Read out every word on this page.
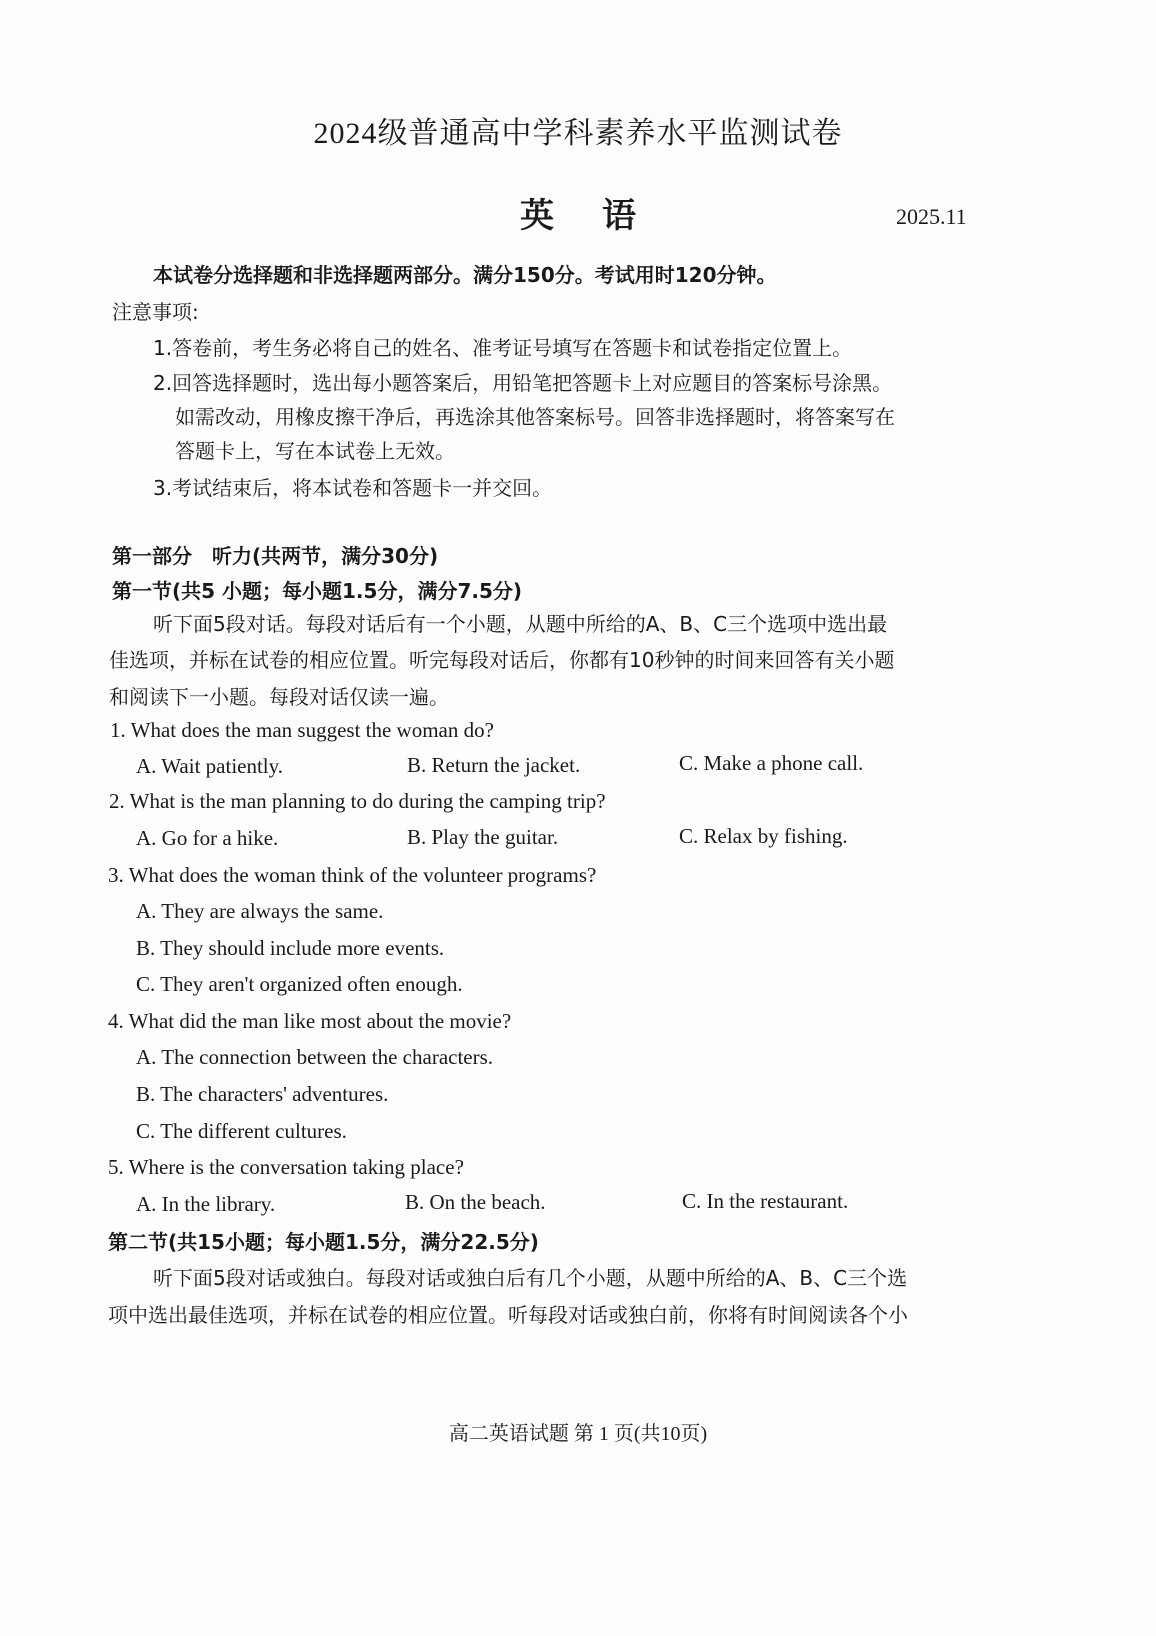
2024级普通高中学科素养水平监测试卷
英语	2025.11
本试卷分选择题和非选择题两部分。满分150分。考试用时120分钟。
注意事项:
1.答卷前，考生务必将自己的姓名、准考证号填写在答题卡和试卷指定位置上。
2.回答选择题时，选出每小题答案后，用铅笔把答题卡上对应题目的答案标号涂黑。
如需改动，用橡皮擦干净后，再选涂其他答案标号。回答非选择题时，将答案写在
答题卡上，写在本试卷上无效。
3.考试结束后，将本试卷和答题卡一并交回。
第一部分　听力(共两节，满分30分)
第一节(共5 小题；每小题1.5分，满分7.5分)
听下面5段对话。每段对话后有一个小题，从题中所给的A、B、C三个选项中选出最
佳选项，并标在试卷的相应位置。听完每段对话后，你都有10秒钟的时间来回答有关小题
和阅读下一小题。每段对话仅读一遍。
1. What does the man suggest the woman do?
A. Wait patiently.	B. Return the jacket.	C. Make a phone call.
2. What is the man planning to do during the camping trip?
A. Go for a hike.	B. Play the guitar.	C. Relax by fishing.
3. What does the woman think of the volunteer programs?
A. They are always the same.
B. They should include more events.
C. They aren't organized often enough.
4. What did the man like most about the movie?
A. The connection between the characters.
B. The characters' adventures.
C. The different cultures.
5. Where is the conversation taking place?
A. In the library.	B. On the beach.	C. In the restaurant.
第二节(共15小题；每小题1.5分，满分22.5分)
听下面5段对话或独白。每段对话或独白后有几个小题，从题中所给的A、B、C三个选
项中选出最佳选项，并标在试卷的相应位置。听每段对话或独白前，你将有时间阅读各个小
高二英语试题 第 1 页(共10页)
